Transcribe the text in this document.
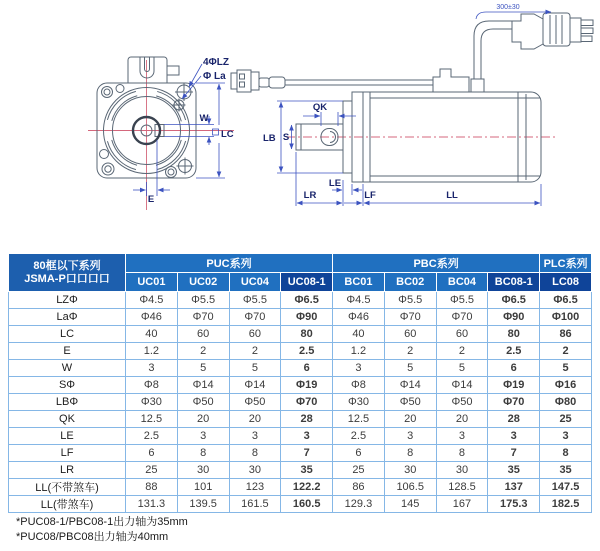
4ΦLZ
Φ La
W
LC
E
300±30
QK
LB S
LE
LR	LF	LL
80框以下系列
JSMA-P口口口口	PUC系列				PBC系列				PLC系列
	UC01	UC02	UC04	UC08-1	BC01	BC02	BC04	BC08-1	LC08
LZΦ	Φ4.5	Φ5.5	Φ5.5	Φ6.5	Φ4.5	Φ5.5	Φ5.5	Φ6.5	Φ6.5
LaΦ	Φ46	Φ70	Φ70	Φ90	Φ46	Φ70	Φ70	Φ90	Φ100
LC	40	60	60	80	40	60	60	80	86
E	1.2	2	2	2.5	1.2	2	2	2.5	2
W	3	5	5	6	3	5	5	6	5
SΦ	Φ8	Φ14	Φ14	Φ19	Φ8	Φ14	Φ14	Φ19	Φ16
LBΦ	Φ30	Φ50	Φ50	Φ70	Φ30	Φ50	Φ50	Φ70	Φ80
QK	12.5	20	20	28	12.5	20	20	28	25
LE	2.5	3	3	3	2.5	3	3	3	3
LF	6	8	8	7	6	8	8	7	8
LR	25	30	30	35	25	30	30	35	35
LL(不带煞车)	88	101	123	122.2	86	106.5	128.5	137	147.5
LL(带煞车)	131.3	139.5	161.5	160.5	129.3	145	167	175.3	182.5
*PUC08-1/PBC08-1出力轴为35mm
*PUC08/PBC08出力轴为40mm
